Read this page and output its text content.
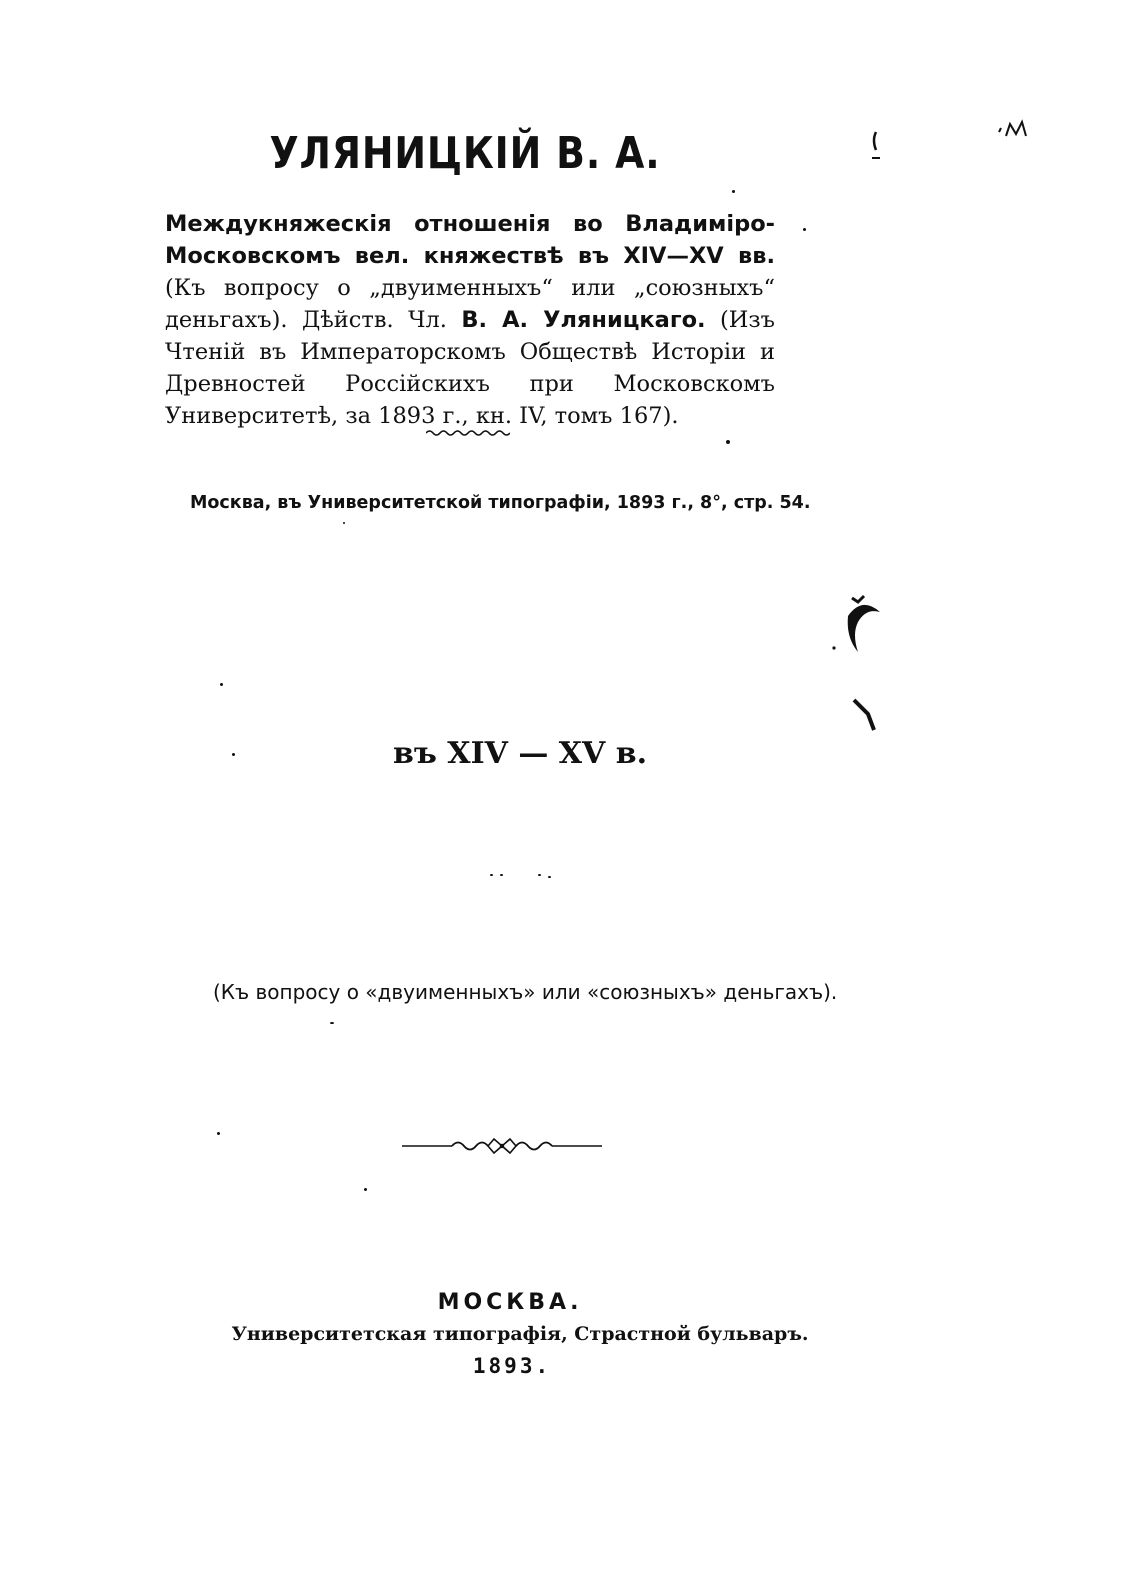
УЛЯНИЦКІЙ В. А.
Междукняжескія отношенія во Владиміро-Московскомъ вел. княжествѣ въ XIV—XV вв. (Къ вопросу о „двуименныхъ“ или „союзныхъ“ деньгахъ). Дѣйств. Чл. В. А. Уляницкаго. (Изъ Чтеній въ Императорскомъ Обществѣ Исторіи и Древностей Россійскихъ при Московскомъ Университетѣ, за 1893 г., кн. IV, томъ 167).
Москва, въ Университетской типографіи, 1893 г., 8°, стр. 54.
въ XIV — XV в.
(Къ вопросу о «двуименныхъ» или «союзныхъ» деньгахъ).
МОСКВА.
Университетская типографія, Страстной бульваръ.
1893.
